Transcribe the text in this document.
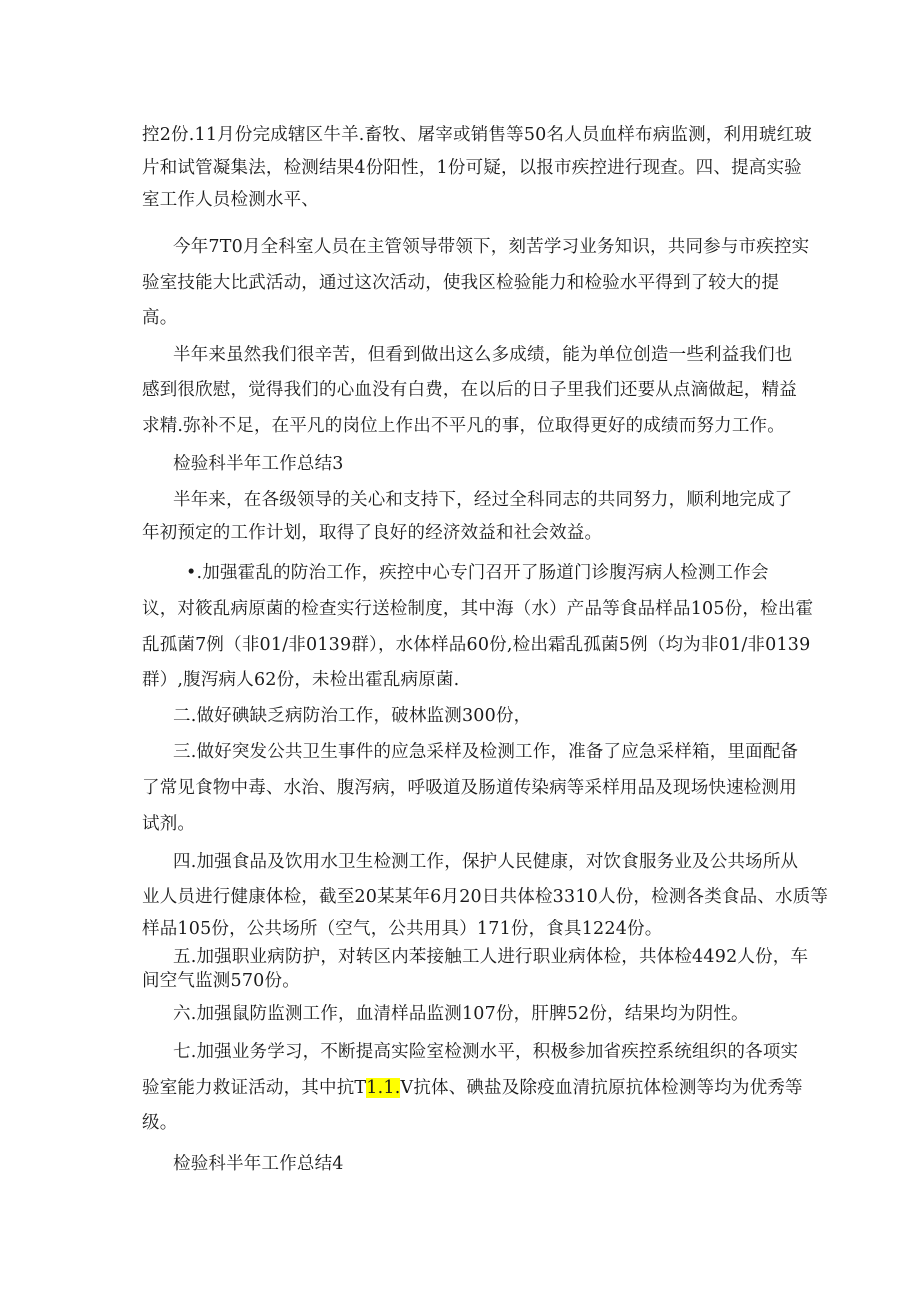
控2份.11月份完成辖区牛羊.畜牧、屠宰或销售等50名人员血样布病监测，利用琥红玻
片和试管凝集法，检测结果4份阳性，1份可疑，以报市疾控进行现查。四、提高实验
室工作人员检测水平、
今年7T0月全科室人员在主管领导带领下，刻苦学习业务知识，共同参与市疾控实
验室技能大比武活动，通过这次活动，使我区检验能力和检验水平得到了较大的提
高。
半年来虽然我们很辛苦，但看到做出这么多成绩，能为单位创造一些利益我们也
感到很欣慰，觉得我们的心血没有白费，在以后的日子里我们还要从点滴做起，精益
求精.弥补不足，在平凡的岗位上作出不平凡的事，位取得更好的成绩而努力工作。
检验科半年工作总结3
半年来，在各级领导的关心和支持下，经过全科同志的共同努力，顺利地完成了
年初预定的工作计划，取得了良好的经济效益和社会效益。
•.加强霍乱的防治工作，疾控中心专门召开了肠道门诊腹泻病人检测工作会
议，对筱乱病原菌的检查实行送检制度，其中海（水）产品等食品样品105份，检出霍
乱孤菌7例（非01/非0139群），水体样品60份,检出霜乱孤菌5例（均为非01/非0139
群）,腹泻病人62份，未检出霍乱病原菌.
二.做好碘缺乏病防治工作，破林监测300份，
三.做好突发公共卫生事件的应急采样及检测工作，准备了应急采样箱，里面配备
了常见食物中毒、水治、腹泻病，呼吸道及肠道传染病等采样用品及现场快速检测用
试剂。
四.加强食品及饮用水卫生检测工作，保护人民健康，对饮食服务业及公共场所从
业人员进行健康体检，截至20某某年6月20日共体检3310人份，检测各类食品、水质等
样品105份，公共场所（空气，公共用具）171份，食具1224份。
五.加强职业病防护，对转区内苯接触工人进行职业病体检，共体检4492人份，车
间空气监测570份。
六.加强鼠防监测工作，血清样品监测107份，肝脾52份，结果均为阴性。
七.加强业务学习，不断提高实险室检测水平，积极参加省疾控系统组织的各项实
验室能力救证活动，其中抗T1.1.V抗体、碘盐及除疫血清抗原抗体检测等均为优秀等
级。
检验科半年工作总结4
